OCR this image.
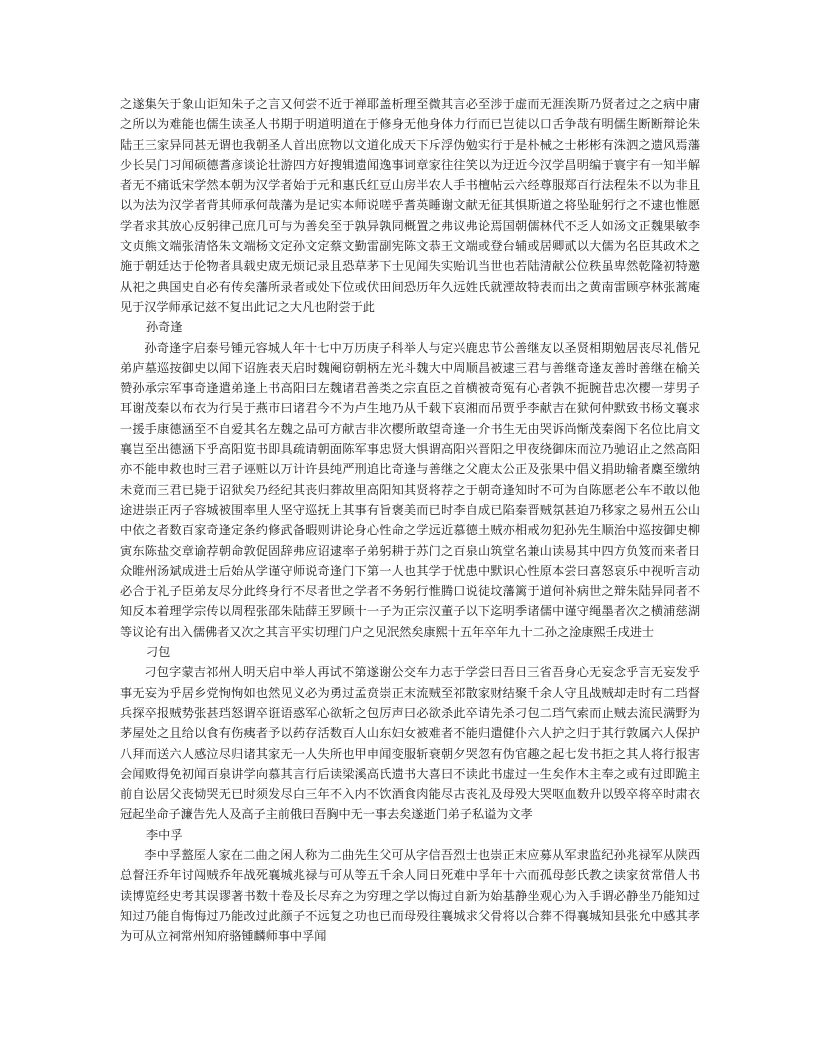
之遂集矢于象山讵知朱子之言又何尝不近于禅耶盖析理至微其言必至涉于虚而无涯涘斯乃贤者过之之病中庸之所以为难能也儒生读圣人书期于明道明道在于修身无他身体力行而已岂徒以口舌争哉有明儒生断断辩论朱陆王三家异同甚无谓也我朝圣人首出庶物以文道化成天下斥浮伪勉实行于是朴械之士彬彬有洙泗之遗风焉藩少长吴门习闻硕德耆彦谈论壮游四方好搜辑遗闻逸事词章家往往笑以为迂近今汉学昌明编于寰宇有一知半解者无不痛诋宋学然本朝为汉学者始于元和惠氏红豆山房半农人手书檀帖云六经尊服郑百行法程朱不以为非且以为法为汉学者背其师承何哉藩为是记实本师说嗟乎耆英睡谢文献无征其惧斯道之将坠耻躬行之不逮也惟愿学者求其放心反躬律己庶几可与为善矣至于孰异孰同概置之弗议弗论焉国朝儒林代不乏人如汤文正魏果敏李文贞熊文端张清恪朱文端杨文定孙文定蔡文勤雷副宪陈文恭王文端或登台辅或居卿贰以大儒为名臣其政术之施于朝廷达于伦物者具载史宬无烦记录且恐草茅下士见闻失实贻讥当世也若陆清献公位秩虽卑然乾隆初特邀从祀之典国史自必有传矣藩所录者或处下位或伏田间恐历年久远姓氏就湮故特表而出之黄南雷顾亭林张蒿庵见于汉学师承记兹不复出此记之大凡也附尝于此

孙奇逢

孙奇逢字启泰号锺元容城人年十七中万历庚子科举人与定兴鹿忠节公善继友以圣贤相期勉居丧尽礼偕兄弟庐墓巡按御史以闻下诏旌表天启时魏阉窃朝柄左光斗魏大中周顺昌被逮三君与善继奇逢友善时善继在榆关赞孙承宗军事奇逢遣弟逢上书高阳曰左魏诸君善类之宗直臣之首横被奇冤有心者孰不扼腕昔忠次樱一芽男子耳谢茂秦以布衣为行吴于燕市曰诸君今不为卢生地乃从千载下哀湘而吊贾乎李献吉在狱何仲默致书杨文襄求一援手康德涵至不自爱其名左魏之品可方献吉非次樱所敢望奇逢一介书生无由哭诉尚惭茂秦阁下名位比肩文襄岂至出德涵下乎高阳览书即具疏请朝面陈军事忠贤大惧谓高阳兴晋阳之甲夜绕御床而泣乃驰诏止之然高阳亦不能申救也时三君子诬赃以万计许县纯严刑追比奇逢与善继之父鹿太公正及张果中倡义捐助输者麇至缴纳未竟而三君已毙于诏狱矣乃经纪其丧归葬故里高阳知其贤将荐之于朝奇逢知时不可为自陈愿老公车不敢以他途进崇正丙子容城被围率里人坚守巡抚上其事有旨褒美而已时李自成已陷秦晋贼氛甚迫乃移家之易州五公山中依之者数百家奇逢定条约修武备暇则讲论身心性命之学远近慕德土贼亦相戒勿犯孙先生顺治中巡按御史柳寅东陈盐交章谕荐朝命敦促固辞弗应诏逮率子弟躬耕于苏门之百泉山筑堂名兼山读易其中四方负笈而来者日众睢州汤斌成进士后始从学谨守师说奇逢门下第一人也其学于忧患中默识心性原本尝曰喜怒哀乐中视听言动必合于礼子臣弟友尽分此终身行不尽者世之学者不务躬行惟腾口说徒坟藩篱于道何补病世之辩朱陆异同者不知反本着理学宗传以周程张邵朱陆薛王罗顾十一子为正宗汉董子以下迄明季诸儒中谨守绳墨者次之横浦慈湖等议论有出入儒佛者又次之其言平实切理门户之见泯然矣康熙十五年卒年九十二孙之淦康熙壬戌进士

刁包

刁包字蒙吉祁州人明天启中举人再试不第遂谢公交车力志于学尝曰吾日三省吾身心无妄念乎言无妄发乎事无妄为乎居乡党恂恂如也然见义必为勇过孟贲崇正末流贼至祁散家财结聚千余人守且战贼却走时有二珰督兵探卒报贼势张甚珰怒谓卒诳语惑军心欲斩之包厉声曰必欲杀此卒请先杀刁包二珰气索而止贼去流民满野为茅屋处之且给以食有伤痍者予以药存活数百人山东妇女被难者不能归遣健仆六人护之归于其行敦属六人保护八拜而送六人感泣尽归诸其家无一人失所也甲申闻变服斩衰朝夕哭忽有伪官趣之起七发书拒之其人将行报害会闻败得免初闻百泉讲学向慕其言行后读梁溪高氏遗书大喜曰不读此书虚过一生矣作木主奉之或有过即跪主前自讼居父丧恸哭无已时须发尽白三年不入内不饮酒食肉能尽古丧礼及母殁大哭呕血数升以毁卒将卒时肃衣冠起坐命子濂告先人及高子主前俄曰吾胸中无一事去矣遂逝门弟子私谥为文孝

李中孚

李中孚盩厔人家在二曲之闲人称为二曲先生父可从字信吾烈士也崇正末应募从军隶监纪孙兆禄军从陕西总督汪乔年讨闯贼乔年战死襄城兆禄与可从等五千余人同日死难中孚年十六而孤母彭氏教之读家贫常借人书读博览经史考其误谬著书数十卷及长尽弃之为穷理之学以悔过自新为始基静坐观心为入手谓必静坐乃能知过知过乃能自悔悔过乃能改过此颜子不远复之功也已而母殁往襄城求父骨将以合葬不得襄城知县张允中感其孝为可从立祠常州知府骆锺麟师事中孚闻
